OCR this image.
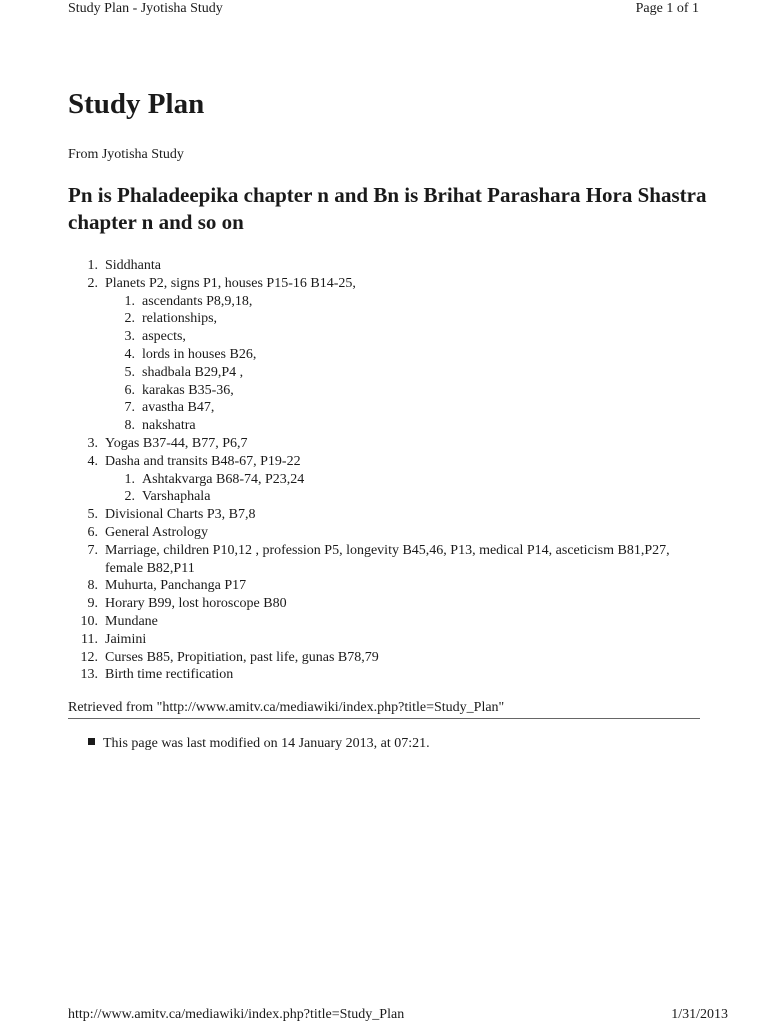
Study Plan - Jyotisha Study	Page 1 of 1
Study Plan
From Jyotisha Study
Pn is Phaladeepika chapter n and Bn is Brihat Parashara Hora Shastra chapter n and so on
1. Siddhanta
2. Planets P2, signs P1, houses P15-16 B14-25,
1. ascendants P8,9,18,
2. relationships,
3. aspects,
4. lords in houses B26,
5. shadbala B29,P4 ,
6. karakas B35-36,
7. avastha B47,
8. nakshatra
3. Yogas B37-44, B77, P6,7
4. Dasha and transits B48-67, P19-22
1. Ashtakvarga B68-74, P23,24
2. Varshaphala
5. Divisional Charts P3, B7,8
6. General Astrology
7. Marriage, children P10,12 , profession P5, longevity B45,46, P13, medical P14, asceticism B81,P27, female B82,P11
8. Muhurta, Panchanga P17
9. Horary B99, lost horoscope B80
10. Mundane
11. Jaimini
12. Curses B85, Propitiation, past life, gunas B78,79
13. Birth time rectification
Retrieved from "http://www.amitv.ca/mediawiki/index.php?title=Study_Plan"
This page was last modified on 14 January 2013, at 07:21.
http://www.amitv.ca/mediawiki/index.php?title=Study_Plan	1/31/2013
